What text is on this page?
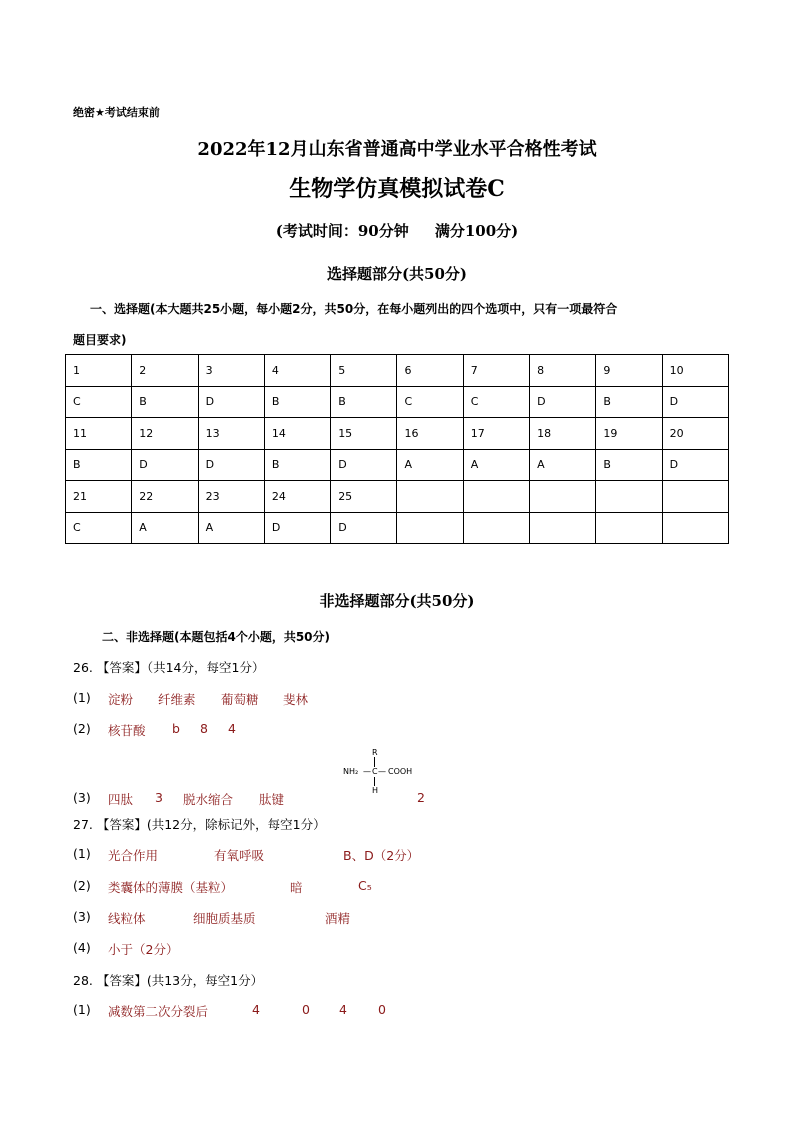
绝密★考试结束前
2022年12月山东省普通高中学业水平合格性考试
生物学仿真模拟试卷C
(考试时间：90分钟     满分100分)
选择题部分(共50分)
一、选择题(本大题共25小题，每小题2分，共50分，在每小题列出的四个选项中，只有一项最符合
题目要求)
1	2	3	4	5	6	7	8	9	10
C	B	D	B	B	C	C	D	B	D
11	12	13	14	15	16	17	18	19	20
B	D	D	B	D	A	A	A	B	D
21	22	23	24	25					
C	A	A	D	D					
非选择题部分(共50分)
二、非选择题(本题包括4个小题，共50分)
26. 【答案】（共14分，每空1分）
(1) 淀粉 纤维素 葡萄糖 斐林
(2) 核苷酸 b 8 4
NH₂ — C — COOH
R
H
(3) 四肽 3 脱水缩合 肽键	2
27. 【答案】(共12分，除标记外，每空1分）
(1) 光合作用	有氧呼吸	B、D（2分）
(2) 类囊体的薄膜（基粒）	暗	C₅
(3) 线粒体	细胞质基质	酒精
(4) 小于（2分）
28. 【答案】(共13分，每空1分）
(1) 减数第二次分裂后	4	0 4 0
